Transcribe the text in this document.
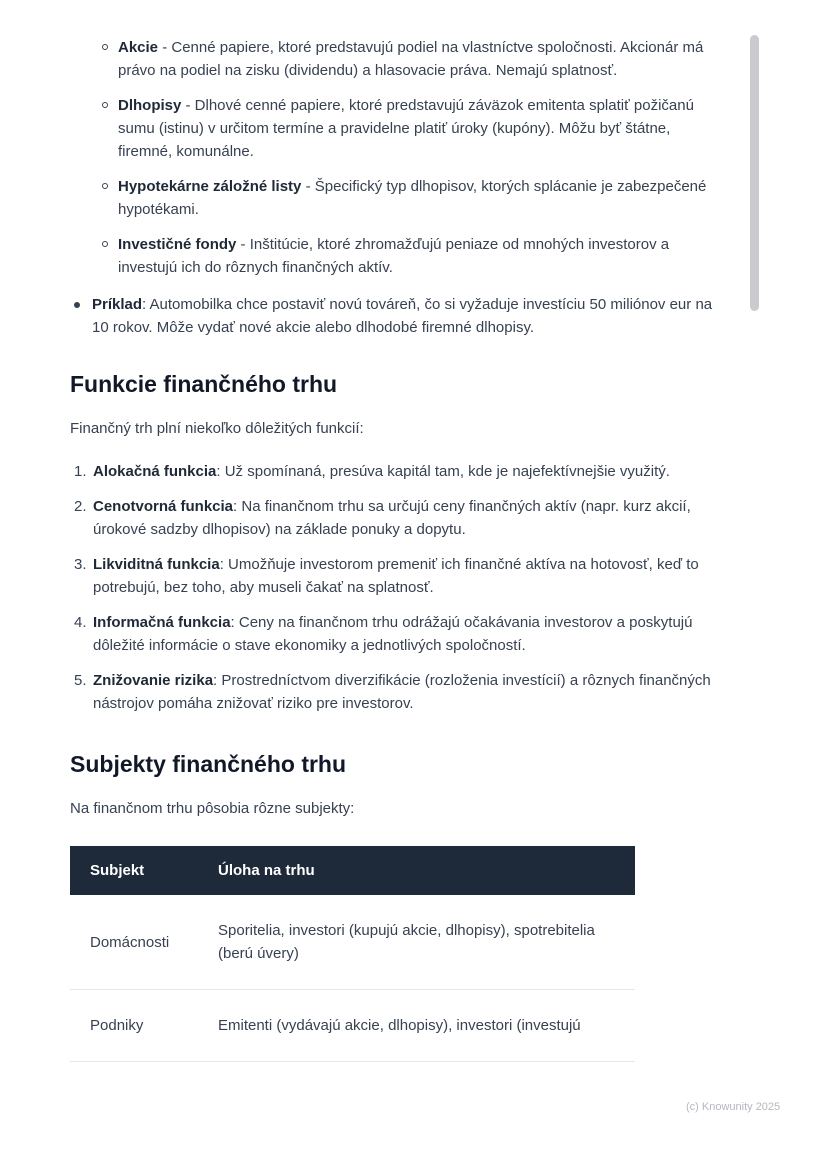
Akcie - Cenné papiere, ktoré predstavujú podiel na vlastníctve spoločnosti. Akcionár má právo na podiel na zisku (dividendu) a hlasovacie práva. Nemajú splatnosť.
Dlhopisy - Dlhové cenné papiere, ktoré predstavujú záväzok emitenta splatiť požičanú sumu (istinu) v určitom termíne a pravidelne platiť úroky (kupóny). Môžu byť štátne, firemné, komunálne.
Hypotekárne záložné listy - Špecifický typ dlhopisov, ktorých splácanie je zabezpečené hypotékami.
Investičné fondy - Inštitúcie, ktoré zhromažďujú peniaze od mnohých investorov a investujú ich do rôznych finančných aktív.
Príklad: Automobilka chce postaviť novú továreň, čo si vyžaduje investíciu 50 miliónov eur na 10 rokov. Môže vydať nové akcie alebo dlhodobé firemné dlhopisy.
Funkcie finančného trhu

Finančný trh plní niekoľko dôležitých funkcií:

1. Alokačná funkcia: Už spomínaná, presúva kapitál tam, kde je najefektívnejšie využitý.
2. Cenotvorná funkcia: Na finančnom trhu sa určujú ceny finančných aktív (napr. kurz akcií, úrokové sadzby dlhopisov) na základe ponuky a dopytu.
3. Likviditná funkcia: Umožňuje investorom premeniť ich finančné aktíva na hotovosť, keď to potrebujú, bez toho, aby museli čakať na splatnosť.
4. Informačná funkcia: Ceny na finančnom trhu odrážajú očakávania investorov a poskytujú dôležité informácie o stave ekonomiky a jednotlivých spoločností.
5. Znižovanie rizika: Prostredníctvom diverzifikácie (rozloženia investícií) a rôznych finančných nástrojov pomáha znižovať riziko pre investorov.
Subjekty finančného trhu

Na finančnom trhu pôsobia rôzne subjekty:

Subjekt	Úloha na trhu
Domácnosti	Sporitelia, investori (kupujú akcie, dlhopisy), spotrebitelia (berú úvery)
Podniky	Emitenti (vydávajú akcie, dlhopisy), investori (investujú
(c) Knowunity 2025
